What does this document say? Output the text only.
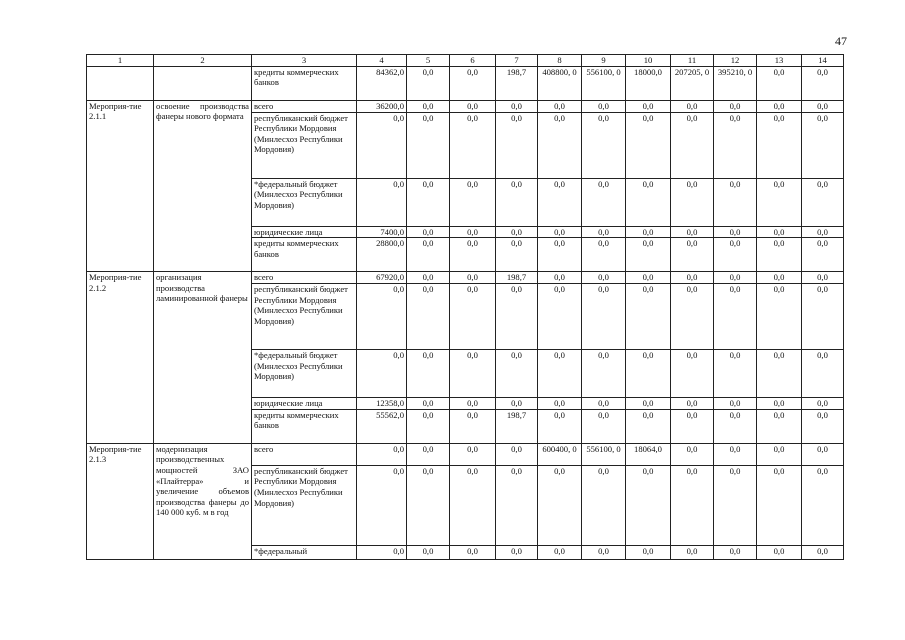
47
1	2	3	4	5	6	7	8	9	10	11	12	13	14
		кредиты коммерческих банков	84362,0	0,0	0,0	198,7	408800, 0	556100, 0	18000,0	207205, 0	395210, 0	0,0	0,0
Мероприя-тие 2.1.1	освоение производства фанеры нового формата	всего	36200,0	0,0	0,0	0,0	0,0	0,0	0,0	0,0	0,0	0,0	0,0
		республиканский бюджет Республики Мордовия (Минлесхоз Республики Мордовия)	0,0	0,0	0,0	0,0	0,0	0,0	0,0	0,0	0,0	0,0	0,0
		*федеральный бюджет (Минлесхоз Республики Мордовия)	0,0	0,0	0,0	0,0	0,0	0,0	0,0	0,0	0,0	0,0	0,0
		юридические лица	7400,0	0,0	0,0	0,0	0,0	0,0	0,0	0,0	0,0	0,0	0,0
		кредиты коммерческих банков	28800,0	0,0	0,0	0,0	0,0	0,0	0,0	0,0	0,0	0,0	0,0
Мероприя-тие 2.1.2	организация производства ламинированной фанеры	всего	67920,0	0,0	0,0	198,7	0,0	0,0	0,0	0,0	0,0	0,0	0,0
		республиканский бюджет Республики Мордовия (Минлесхоз Республики Мордовия)	0,0	0,0	0,0	0,0	0,0	0,0	0,0	0,0	0,0	0,0	0,0
		*федеральный бюджет (Минлесхоз Республики Мордовия)	0,0	0,0	0,0	0,0	0,0	0,0	0,0	0,0	0,0	0,0	0,0
		юридические лица	12358,0	0,0	0,0	0,0	0,0	0,0	0,0	0,0	0,0	0,0	0,0
		кредиты коммерческих банков	55562,0	0,0	0,0	198,7	0,0	0,0	0,0	0,0	0,0	0,0	0,0
Мероприя-тие 2.1.3	модернизация производственных мощностей ЗАО «Плайтерра» и увеличение объемов производства фанеры до 140 000 куб. м в год	всего	0,0	0,0	0,0	0,0	600400, 0	556100, 0	18064,0	0,0	0,0	0,0	0,0
		республиканский бюджет Республики Мордовия (Минлесхоз Республики Мордовия)	0,0	0,0	0,0	0,0	0,0	0,0	0,0	0,0	0,0	0,0	0,0
		*федеральный	0,0	0,0	0,0	0,0	0,0	0,0	0,0	0,0	0,0	0,0	0,0
